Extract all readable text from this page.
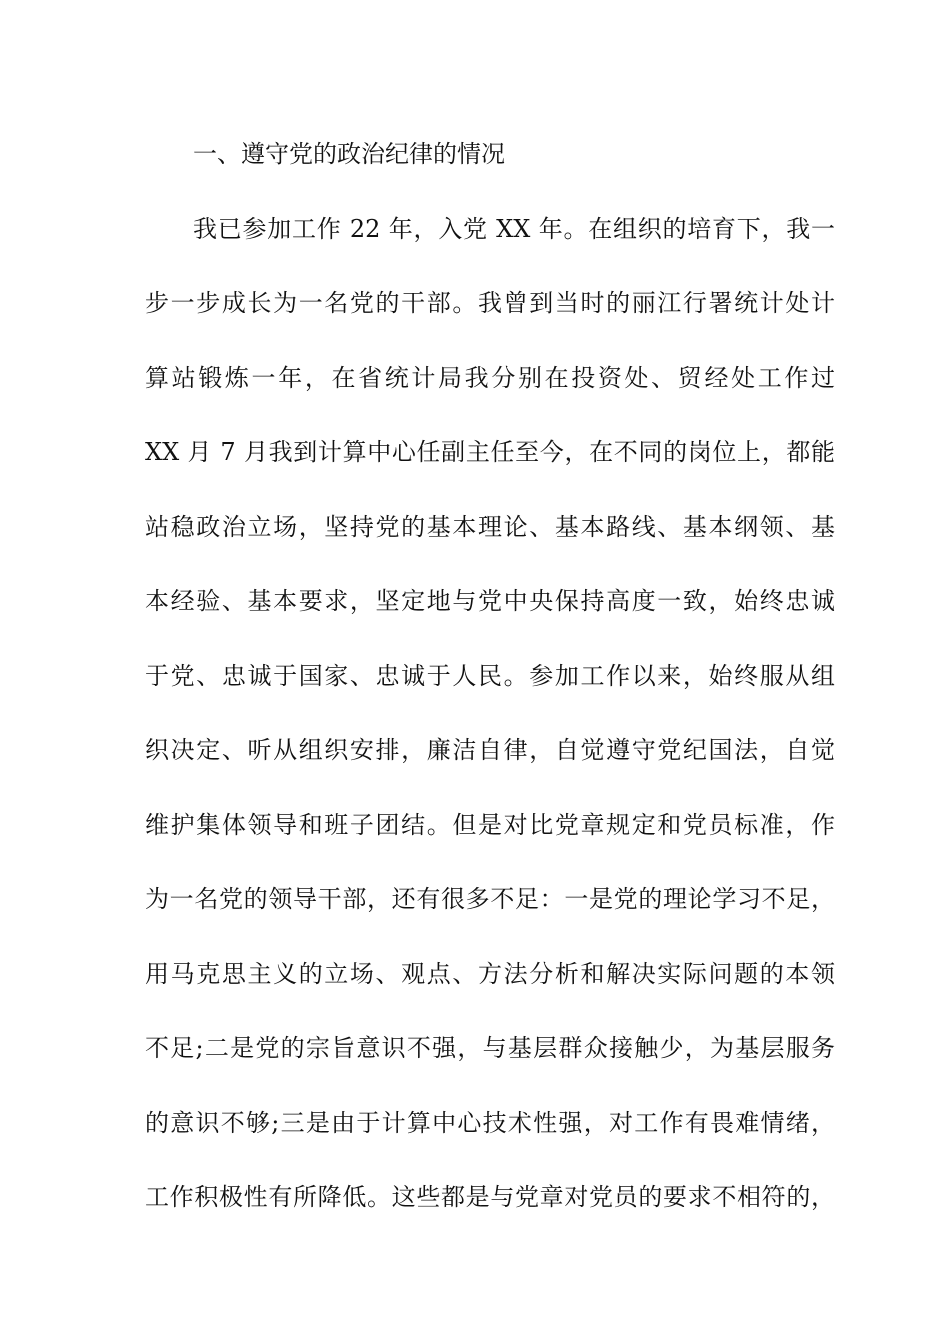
一、遵守党的政治纪律的情况
我已参加工作 22 年，入党 XX 年。在组织的培育下，我一
步一步成长为一名党的干部。我曾到当时的丽江行署统计处计
算站锻炼一年，在省统计局我分别在投资处、贸经处工作过
XX 月 7 月我到计算中心任副主任至今，在不同的岗位上，都能
站稳政治立场，坚持党的基本理论、基本路线、基本纲领、基
本经验、基本要求，坚定地与党中央保持高度一致，始终忠诚
于党、忠诚于国家、忠诚于人民。参加工作以来，始终服从组
织决定、听从组织安排，廉洁自律，自觉遵守党纪国法，自觉
维护集体领导和班子团结。但是对比党章规定和党员标准，作
为一名党的领导干部，还有很多不足：一是党的理论学习不足，
用马克思主义的立场、观点、方法分析和解决实际问题的本领
不足;二是党的宗旨意识不强，与基层群众接触少，为基层服务
的意识不够;三是由于计算中心技术性强，对工作有畏难情绪，
工作积极性有所降低。这些都是与党章对党员的要求不相符的，
